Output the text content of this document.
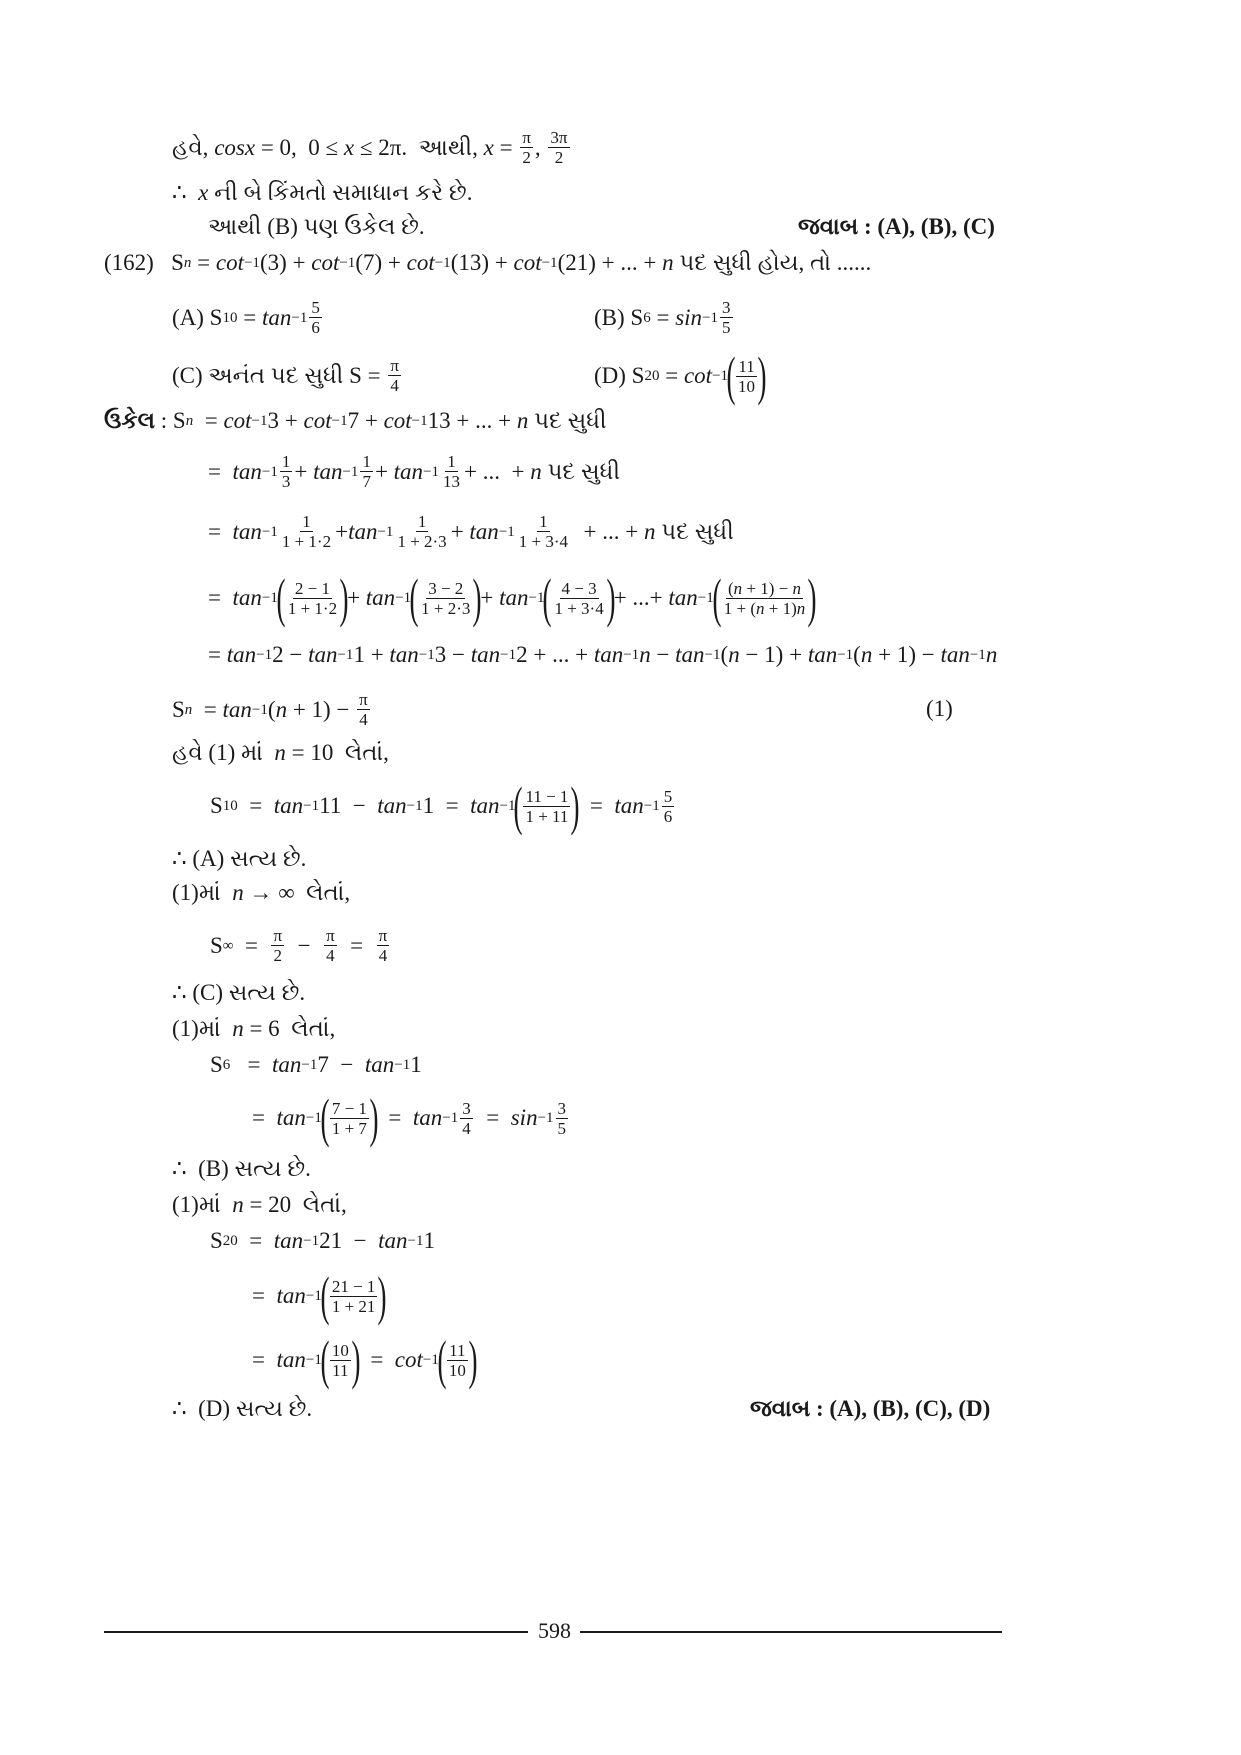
હવે,
cosx = 0,  0 ≤ x ≤ 2π. આથી,
$x = \frac{\pi}{2}$ , $\frac{3\pi}{2}$
∴ x
ની બે કિંમતો સમાધાન કરે છે.
આથી (B) પણ ઉકેલ છે.	જવાબ
: (A), (B), (C)
(162) S n = cot −1 (3) + cot −1 (7) + cot −1 (13) + cot −1 (21) + ... + n
પદ સુધી હોય, તો ......
(A) S $10 = \tan -1 \frac{5}{6}$	(B) S $6 = \sin -1 \frac{3}{5}$
(C) અનંત પદ સુધી S =
$\frac{\pi}{4}$	(D) S 20 = cot −1
( $\frac{11}{10}$ )
ઉકેલ : S n = cot −1 3 + cot −1 7 + cot −1 13 + ... + n
પદ સુધી
= $\tan -1 \frac{1}{3} + \tan -1 \frac{1}{7} + \tan -1 \frac{1}{13}$ + ...  + n
પદ સુધી
= $\tan -1 \frac{1}{1 + 1\cdot 2} + \tan -1 \frac{1}{1 + 2\cdot 3} + \tan -1 \frac{1}{1 + 3\cdot 4}$ + ... + n
પદ સુધી
= tan −1
( $\frac{2 - 1}{1 + 1\cdot 2}$ )
+ tan −1
( $\frac{3 - 2}{1 + 2\cdot 3}$ )
+ tan −1
( $\frac{4 - 3}{1 + 3\cdot 4}$ )
+ ...+ tan −1
( $\frac{(n + 1) - n}{1 + (n + 1)n}$ )
= tan −1 2 − tan −1 1 + tan −1 3 − tan −1 2 + ... + tan −1 n − tan −1 ( n − 1) + tan −1 ( n + 1) − tan −1 n
S n = tan −1 ( $n + 1) - \frac{\pi}{4}$	(1)
હવે (1) માં
n = 10 લેતાં,
S 10 = tan −1 11  − tan −1 1  = tan −1
( $\frac{11 - 1}{1 + 11}$ )
= $\tan -1 \frac{5}{6}$
∴ (A) સત્ય છે.
(1)માં
n → ∞ લેતાં,
S ∞ = $\frac{\pi}{2} - \frac{\pi}{4} = \frac{\pi}{4}$
∴ (C) સત્ય છે.
(1)માં
n = 6 લેતાં,
S 6 = tan −1 7  − tan −1 1
= tan −1
( $\frac{7 - 1}{1 + 7}$ )
= $\tan -1 \frac{3}{4} = \sin -1 \frac{3}{5}$
∴ (B) સત્ય છે.
(1)માં
n = 20 લેતાં,
S 20 = tan −1 21  − tan −1 1
= tan −1
( $\frac{21 - 1}{1 + 21}$ )
= tan −1
( $\frac{10}{11}$ )
= cot −1
( $\frac{11}{10}$ )
∴ (D) સત્ય છે.	જવાબ
: (A), (B), (C), (D)
598
